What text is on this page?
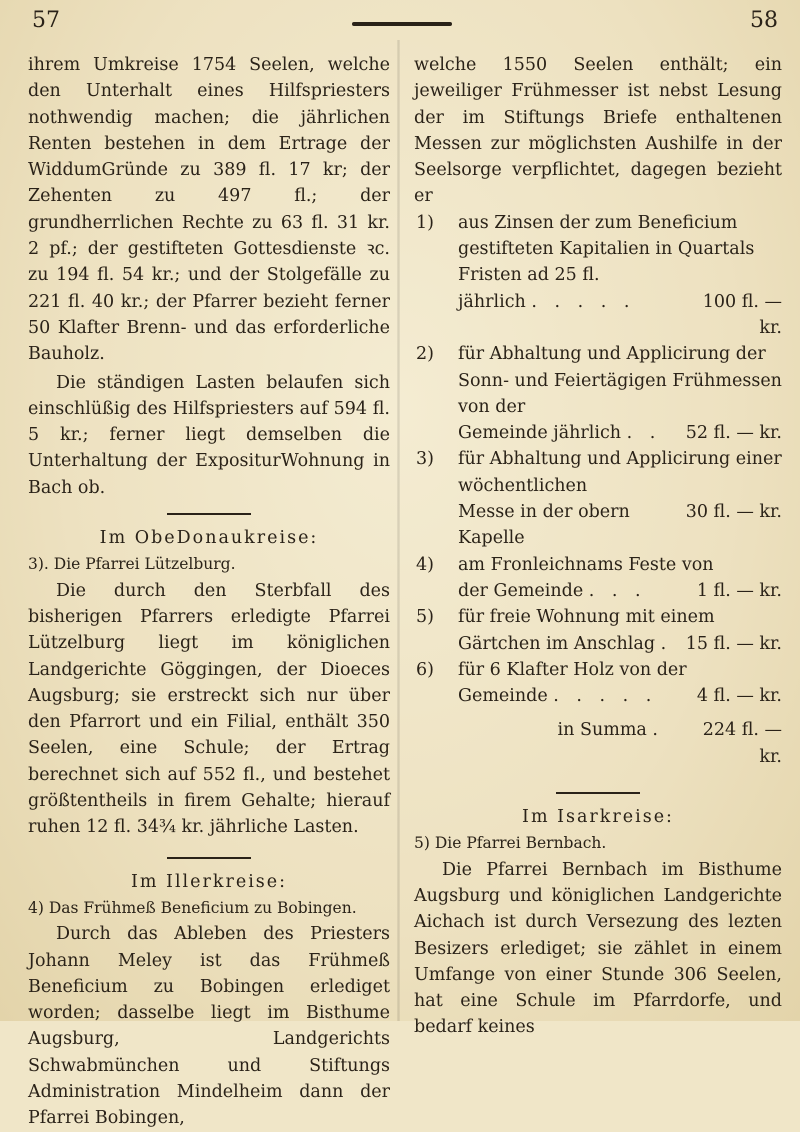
57	58

ihrem Umkreise 1754 Seelen, welche den Unterhalt eines Hilfspriesters nothwendig machen; die jährlichen Renten bestehen in dem Ertrage der WiddumGründe zu 389 fl. 17 kr; der Zehenten zu 497 fl.; der grundherrlichen Rechte zu 63 fl. 31 kr. 2 pf.; der gestifteten Gottesdienste ꝛc. zu 194 fl. 54 kr.; und der Stolgefälle zu 221 fl. 40 kr.; der Pfarrer bezieht ferner 50 Klafter Brenn- und das erforderliche Bauholz.

Die ständigen Lasten belaufen sich einschlüßig des Hilfspriesters auf 594 fl. 5 kr.; ferner liegt demselben die Unterhaltung der ExpositurWohnung in Bach ob.

Im ObeDonaukreise:

3). Die Pfarrei Lützelburg.

Die durch den Sterbfall des bisherigen Pfarrers erledigte Pfarrei Lützelburg liegt im königlichen Landgerichte Göggingen, der Dioeces Augsburg; sie erstreckt sich nur über den Pfarrort und ein Filial, enthält 350 Seelen, eine Schule; der Ertrag berechnet sich auf 552 fl., und bestehet größtentheils in firem Gehalte; hierauf ruhen 12 fl. 34¾ kr. jährliche Lasten.

Im Illerkreise:

4) Das Frühmeß Beneficium zu Bobingen.

Durch das Ableben des Priesters Johann Meley ist das Frühmeß Beneficium zu Bobingen erlediget worden; dasselbe liegt im Bisthume Augsburg, Landgerichts Schwabmünchen und Stiftungs Administration Mindelheim dann der Pfarrei Bobingen,

welche 1550 Seelen enthält; ein jeweiliger Frühmesser ist nebst Lesung der im Stiftungs Briefe enthaltenen Messen zur möglichsten Aushilfe in der Seelsorge verpflichtet, dagegen bezieht er

1)	aus Zinsen der zum Beneficium gestifteten Kapitalien in Quartals Fristen ad 25 fl.
jährlich . . . . .	100 fl. — kr.
2)	für Abhaltung und Applicirung der Sonn- und Feiertägigen Frühmessen von der
Gemeinde jährlich . .	52 fl. — kr.
3)	für Abhaltung und Applicirung einer wöchentlichen
Messe in der obern Kapelle
30 fl. — kr.
4)	am Fronleichnams Feste von
der Gemeinde . . .	1 fl. — kr.
5)	für freie Wohnung mit einem
Gärtchen im Anschlag . 15 fl. — kr.
6)	für 6 Klafter Holz von der
Gemeinde . . . . .	4 fl. — kr.
in Summa .	224 fl. — kr.

Im Isarkreise:

5) Die Pfarrei Bernbach.

Die Pfarrei Bernbach im Bisthume Augsburg und königlichen Landgerichte Aichach ist durch Versezung des lezten Besizers erlediget; sie zählet in einem Umfange von einer Stunde 306 Seelen, hat eine Schule im Pfarrdorfe, und bedarf keines
